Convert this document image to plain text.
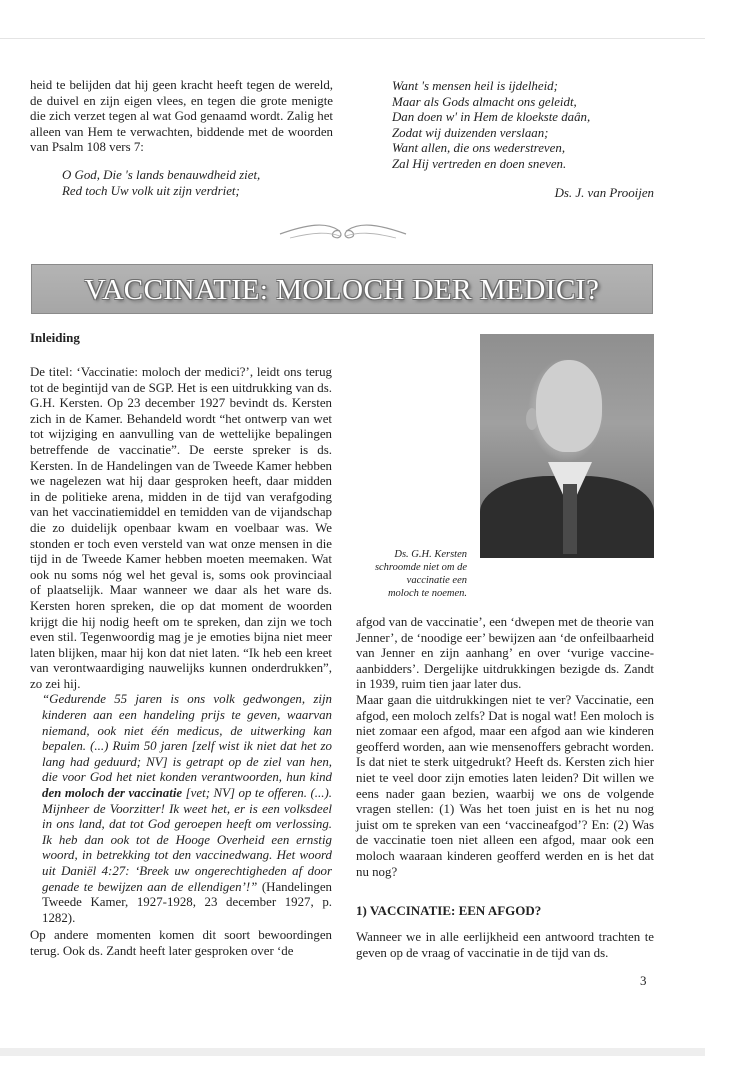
heid te belijden dat hij geen kracht heeft tegen de wereld, de duivel en zijn eigen vlees, en tegen die grote menigte die zich verzet tegen al wat God genaamd wordt. Zalig het alleen van Hem te verwachten, biddende met de woorden van Psalm 108 vers 7:
O God, Die 's lands benauwdheid ziet,
Red toch Uw volk uit zijn verdriet;
Want 's mensen heil is ijdelheid;
Maar als Gods almacht ons geleidt,
Dan doen w' in Hem de kloekste daân,
Zodat wij duizenden verslaan;
Want allen, die ons wederstreven,
Zal Hij vertreden en doen sneven.
Ds. J. van Prooijen
VACCINATIE: MOLOCH DER MEDICI?
Inleiding

De titel: ‘Vaccinatie: moloch der medici?’, leidt ons terug tot de begintijd van de SGP. Het is een uitdrukking van ds. G.H. Kersten. Op 23 december 1927 bevindt ds. Kersten zich in de Kamer. Behandeld wordt “het ontwerp van wet tot wijziging en aanvulling van de wettelijke bepalingen betreffende de vaccinatie”. De eerste spreker is ds. Kersten. In de Handelingen van de Tweede Kamer hebben we nagelezen wat hij daar gesproken heeft, daar midden in de politieke arena, midden in de tijd van verafgoding van het vaccinatiemiddel en temidden van de vijandschap die zo duidelijk openbaar kwam en voelbaar was. We stonden er toch even versteld van wat onze mensen in die tijd in de Tweede Kamer hebben moeten meemaken. Wat ook nu soms nóg wel het geval is, soms ook provinciaal of plaatselijk. Maar wanneer we daar als het ware ds. Kersten horen spreken, die op dat moment de woorden krijgt die hij nodig heeft om te spreken, dan zijn we toch even stil. Tegenwoordig mag je je emoties bijna niet meer laten blijken, maar hij kon dat niet laten. “Ik heb een kreet van verontwaardiging nauwelijks kunnen onderdrukken”, zo zei hij.

“Gedurende 55 jaren is ons volk gedwongen, zijn kinderen aan een handeling prijs te geven, waarvan niemand, ook niet één medicus, de uitwerking kan bepalen. (...) Ruim 50 jaren [zelf wist ik niet dat het zo lang had geduurd; NV] is getrapt op de ziel van hen, die voor God het niet konden verantwoorden, hun kind den moloch der vaccinatie [vet; NV] op te offeren. (...). Mijnheer de Voorzitter! Ik weet het, er is een volksdeel in ons land, dat tot God geroepen heeft om verlossing. Ik heb dan ook tot de Hooge Overheid een ernstig woord, in betrekking tot den vaccinedwang. Het woord uit Daniël 4:27: ‘Breek uw ongerechtigheden af door genade te bewijzen aan de ellendigen’!” (Handelingen Tweede Kamer, 1927-1928, 23 december 1927, p. 1282).

Op andere momenten komen dit soort bewoordingen terug. Ook ds. Zandt heeft later gesproken over ‘de
Ds. G.H. Kersten schroomde niet om de vaccinatie een moloch te noemen.

afgod van de vaccinatie’, een ‘dwepen met de theorie van Jenner’, de ‘noodige eer’ bewijzen aan ‘de onfeilbaarheid van Jenner en zijn aanhang’ en over ‘vurige vaccine-aanbidders’. Dergelijke uitdrukkingen bezigde ds. Zandt in 1939, ruim tien jaar later dus.

Maar gaan die uitdrukkingen niet te ver? Vaccinatie, een afgod, een moloch zelfs? Dat is nogal wat! Een moloch is niet zomaar een afgod, maar een afgod aan wie kinderen geofferd worden, aan wie mensenoffers gebracht worden. Is dat niet te sterk uitgedrukt? Heeft ds. Kersten zich hier niet te veel door zijn emoties laten leiden? Dit willen we eens nader gaan bezien, waarbij we ons de volgende vragen stellen: (1) Was het toen juist en is het nu nog juist om te spreken van een ‘vaccineafgod’? En: (2) Was de vaccinatie toen niet alleen een afgod, maar ook een moloch waaraan kinderen geofferd werden en is het dat nu nog?

1) VACCINATIE: EEN AFGOD?
Wanneer we in alle eerlijkheid een antwoord trachten te geven op de vraag of vaccinatie in de tijd van ds.
3
